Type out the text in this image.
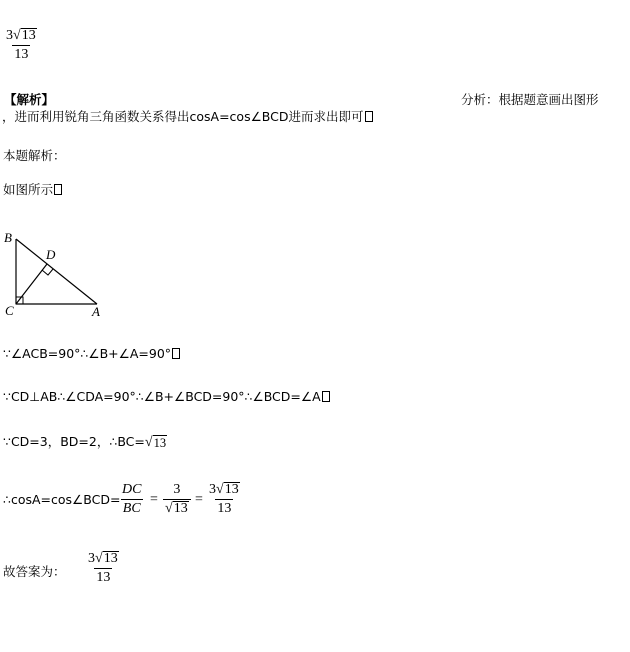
$\frac{3 √ 13}{13}$
【解析】	分析：根据题意画出图形
，进而利用锐角三角函数关系得出cosA=cos∠BCD进而求出即可
本题解析：
如图所示
B
D
C	A
∵∠ACB=90°∴∠B+∠A=90°
∵CD⊥AB∴∠CDA=90°∴∠B+∠BCD=90°∴∠BCD=∠A
∵CD=3，BD=2，∴BC= √ 13
∴cosA=cos∠BCD= $\frac{DC}{BC} = \frac{3}{√ 13} = \frac{3 √ 13}{13}$
故答案为： $\frac{3 √ 13}{13}$
